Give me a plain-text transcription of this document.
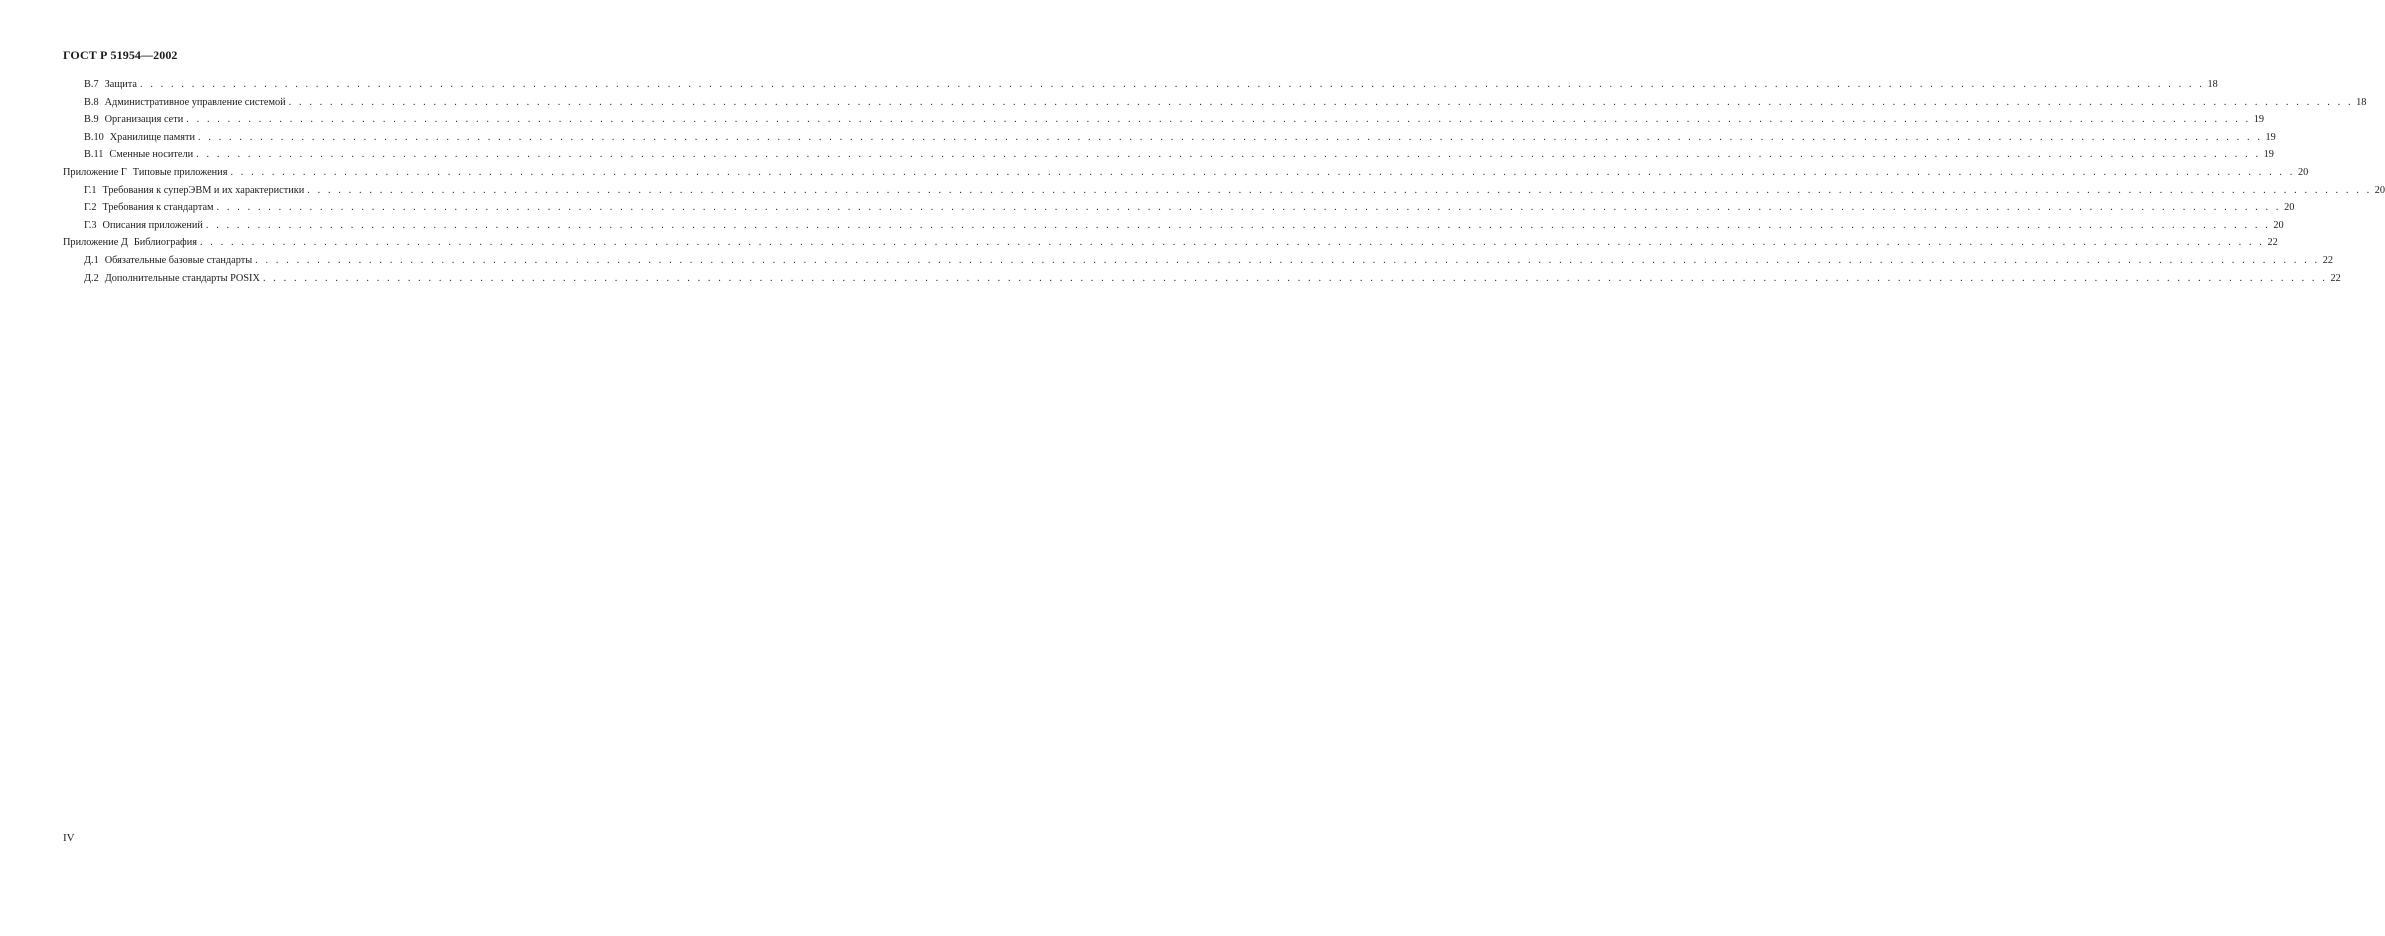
ГОСТ Р 51954—2002
В.7 Защита . . . . . . . . . . . . . . . . . . . . . . . . . . . . . . . . . . . . . . . . . . . . . . . . . . . . . . . . . . . . . . . . . . . . . . . . . . . . . . . . . . . . . . . . . . . . . . . . . . . . . . . . . . . . . . . . . . . . . . . . . . . . . . . . . . . . . . . . . . . . . . . . . . . . . . . . . . . . . . . . . . . . . . . . . . . . . . . . . . . . . . . . . . . . . . . . . . . . . . . . 18
В.8 Административное управление системой . . . . . . . . . . . . . . . . . . . . . . . . . . . . . . . . . . . . . . . . . . . . . . . . . . . . . . . . . . . . . . . . . . . . . . . . . . . . . . . . . . . . . . . . . . . . . . . . . . . . . . . . . . . . . . . . . . . . . . . . . . . . . . . . . . . . . . . . . . . . . . . . . . . . . . . . . . . . . . . . . . . . . . . . . . . . . . . . . . . . . . . . . . . . . . . . . . . . . . . . 18
В.9 Организация сети . . . . . . . . . . . . . . . . . . . . . . . . . . . . . . . . . . . . . . . . . . . . . . . . . . . . . . . . . . . . . . . . . . . . . . . . . . . . . . . . . . . . . . . . . . . . . . . . . . . . . . . . . . . . . . . . . . . . . . . . . . . . . . . . . . . . . . . . . . . . . . . . . . . . . . . . . . . . . . . . . . . . . . . . . . . . . . . . . . . . . . . . . . . . . . . . . . . . . . . . 19
В.10 Хранилище памяти . . . . . . . . . . . . . . . . . . . . . . . . . . . . . . . . . . . . . . . . . . . . . . . . . . . . . . . . . . . . . . . . . . . . . . . . . . . . . . . . . . . . . . . . . . . . . . . . . . . . . . . . . . . . . . . . . . . . . . . . . . . . . . . . . . . . . . . . . . . . . . . . . . . . . . . . . . . . . . . . . . . . . . . . . . . . . . . . . . . . . . . . . . . . . . . . . . . . . . . . 19
В.11 Сменные носители . . . . . . . . . . . . . . . . . . . . . . . . . . . . . . . . . . . . . . . . . . . . . . . . . . . . . . . . . . . . . . . . . . . . . . . . . . . . . . . . . . . . . . . . . . . . . . . . . . . . . . . . . . . . . . . . . . . . . . . . . . . . . . . . . . . . . . . . . . . . . . . . . . . . . . . . . . . . . . . . . . . . . . . . . . . . . . . . . . . . . . . . . . . . . . . . . . . . . . . . 19
Приложение Г Типовые приложения . . . . . . . . . . . . . . . . . . . . . . . . . . . . . . . . . . . . . . . . . . . . . . . . . . . . . . . . . . . . . . . . . . . . . . . . . . . . . . . . . . . . . . . . . . . . . . . . . . . . . . . . . . . . . . . . . . . . . . . . . . . . . . . . . . . . . . . . . . . . . . . . . . . . . . . . . . . . . . . . . . . . . . . . . . . . . . . . . . . . . . . . . . . . . . . . . . . . . . . . 20
Г.1 Требования к суперЭВМ и их характеристики . . . . . . . . . . . . . . . . . . . . . . . . . . . . . . . . . . . . . . . . . . . . . . . . . . . . . . . . . . . . . . . . . . . . . . . . . . . . . . . . . . . . . . . . . . . . . . . . . . . . . . . . . . . . . . . . . . . . . . . . . . . . . . . . . . . . . . . . . . . . . . . . . . . . . . . . . . . . . . . . . . . . . . . . . . . . . . . . . . . . . . . . . . . . . . . . . . . . . . . . 20
Г.2 Требования к стандартам . . . . . . . . . . . . . . . . . . . . . . . . . . . . . . . . . . . . . . . . . . . . . . . . . . . . . . . . . . . . . . . . . . . . . . . . . . . . . . . . . . . . . . . . . . . . . . . . . . . . . . . . . . . . . . . . . . . . . . . . . . . . . . . . . . . . . . . . . . . . . . . . . . . . . . . . . . . . . . . . . . . . . . . . . . . . . . . . . . . . . . . . . . . . . . . . . . . . . . . . 20
Г.3 Описания приложений . . . . . . . . . . . . . . . . . . . . . . . . . . . . . . . . . . . . . . . . . . . . . . . . . . . . . . . . . . . . . . . . . . . . . . . . . . . . . . . . . . . . . . . . . . . . . . . . . . . . . . . . . . . . . . . . . . . . . . . . . . . . . . . . . . . . . . . . . . . . . . . . . . . . . . . . . . . . . . . . . . . . . . . . . . . . . . . . . . . . . . . . . . . . . . . . . . . . . . . . 20
Приложение Д Библиография . . . . . . . . . . . . . . . . . . . . . . . . . . . . . . . . . . . . . . . . . . . . . . . . . . . . . . . . . . . . . . . . . . . . . . . . . . . . . . . . . . . . . . . . . . . . . . . . . . . . . . . . . . . . . . . . . . . . . . . . . . . . . . . . . . . . . . . . . . . . . . . . . . . . . . . . . . . . . . . . . . . . . . . . . . . . . . . . . . . . . . . . . . . . . . . . . . . . . . . . 22
Д.1 Обязательные базовые стандарты . . . . . . . . . . . . . . . . . . . . . . . . . . . . . . . . . . . . . . . . . . . . . . . . . . . . . . . . . . . . . . . . . . . . . . . . . . . . . . . . . . . . . . . . . . . . . . . . . . . . . . . . . . . . . . . . . . . . . . . . . . . . . . . . . . . . . . . . . . . . . . . . . . . . . . . . . . . . . . . . . . . . . . . . . . . . . . . . . . . . . . . . . . . . . . . . . . . . . . . . 22
Д.2 Дополнительные стандарты POSIX . . . . . . . . . . . . . . . . . . . . . . . . . . . . . . . . . . . . . . . . . . . . . . . . . . . . . . . . . . . . . . . . . . . . . . . . . . . . . . . . . . . . . . . . . . . . . . . . . . . . . . . . . . . . . . . . . . . . . . . . . . . . . . . . . . . . . . . . . . . . . . . . . . . . . . . . . . . . . . . . . . . . . . . . . . . . . . . . . . . . . . . . . . . . . . . . . . . . . . . . 22
IV
